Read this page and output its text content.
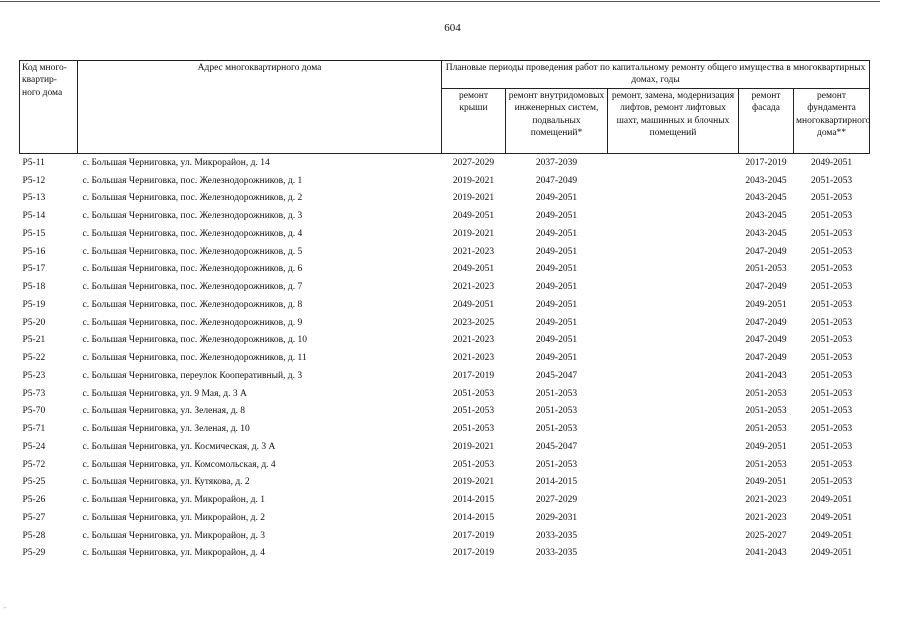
604
Код много-квартир-ного дома	Адрес многоквартирного дома	Плановые периоды проведения работ по капитальному ремонту общего имущества в многоквартирных домах, годы				
		ремонт крыши	ремонт внутридомовых инженерных систем, подвальных помещений*	ремонт, замена, модернизация лифтов, ремонт лифтовых шахт, машинных и блочных помещений	ремонт фасада	ремонт фундамента многоквартирного дома**
Р5-11	с. Большая Черниговка, ул. Микрорайон, д. 14	2027-2029	2037-2039		2017-2019	2049-2051
Р5-12	с. Большая Черниговка, пос. Железнодорожников, д. 1	2019-2021	2047-2049		2043-2045	2051-2053
Р5-13	с. Большая Черниговка, пос. Железнодорожников, д. 2	2019-2021	2049-2051		2043-2045	2051-2053
Р5-14	с. Большая Черниговка, пос. Железнодорожников, д. 3	2049-2051	2049-2051		2043-2045	2051-2053
Р5-15	с. Большая Черниговка, пос. Железнодорожников, д. 4	2019-2021	2049-2051		2043-2045	2051-2053
Р5-16	с. Большая Черниговка, пос. Железнодорожников, д. 5	2021-2023	2049-2051		2047-2049	2051-2053
Р5-17	с. Большая Черниговка, пос. Железнодорожников, д. 6	2049-2051	2049-2051		2051-2053	2051-2053
Р5-18	с. Большая Черниговка, пос. Железнодорожников, д. 7	2021-2023	2049-2051		2047-2049	2051-2053
Р5-19	с. Большая Черниговка, пос. Железнодорожников, д. 8	2049-2051	2049-2051		2049-2051	2051-2053
Р5-20	с. Большая Черниговка, пос. Железнодорожников, д. 9	2023-2025	2049-2051		2047-2049	2051-2053
Р5-21	с. Большая Черниговка, пос. Железнодорожников, д. 10	2021-2023	2049-2051		2047-2049	2051-2053
Р5-22	с. Большая Черниговка, пос. Железнодорожников, д. 11	2021-2023	2049-2051		2047-2049	2051-2053
Р5-23	с. Большая Черниговка, переулок Кооперативный, д. 3	2017-2019	2045-2047		2041-2043	2051-2053
Р5-73	с. Большая Черниговка, ул. 9 Мая, д. 3 А	2051-2053	2051-2053		2051-2053	2051-2053
Р5-70	с. Большая Черниговка, ул. Зеленая, д. 8	2051-2053	2051-2053		2051-2053	2051-2053
Р5-71	с. Большая Черниговка, ул. Зеленая, д. 10	2051-2053	2051-2053		2051-2053	2051-2053
Р5-24	с. Большая Черниговка, ул. Космическая, д. 3 А	2019-2021	2045-2047		2049-2051	2051-2053
Р5-72	с. Большая Черниговка, ул. Комсомольская, д. 4	2051-2053	2051-2053		2051-2053	2051-2053
Р5-25	с. Большая Черниговка, ул. Кутякова, д. 2	2019-2021	2014-2015		2049-2051	2051-2053
Р5-26	с. Большая Черниговка, ул. Микрорайон, д. 1	2014-2015	2027-2029		2021-2023	2049-2051
Р5-27	с. Большая Черниговка, ул. Микрорайон, д. 2	2014-2015	2029-2031		2021-2023	2049-2051
Р5-28	с. Большая Черниговка, ул. Микрорайон, д. 3	2017-2019	2033-2035		2025-2027	2049-2051
Р5-29	с. Большая Черниговка, ул. Микрорайон, д. 4	2017-2019	2033-2035		2041-2043	2049-2051
